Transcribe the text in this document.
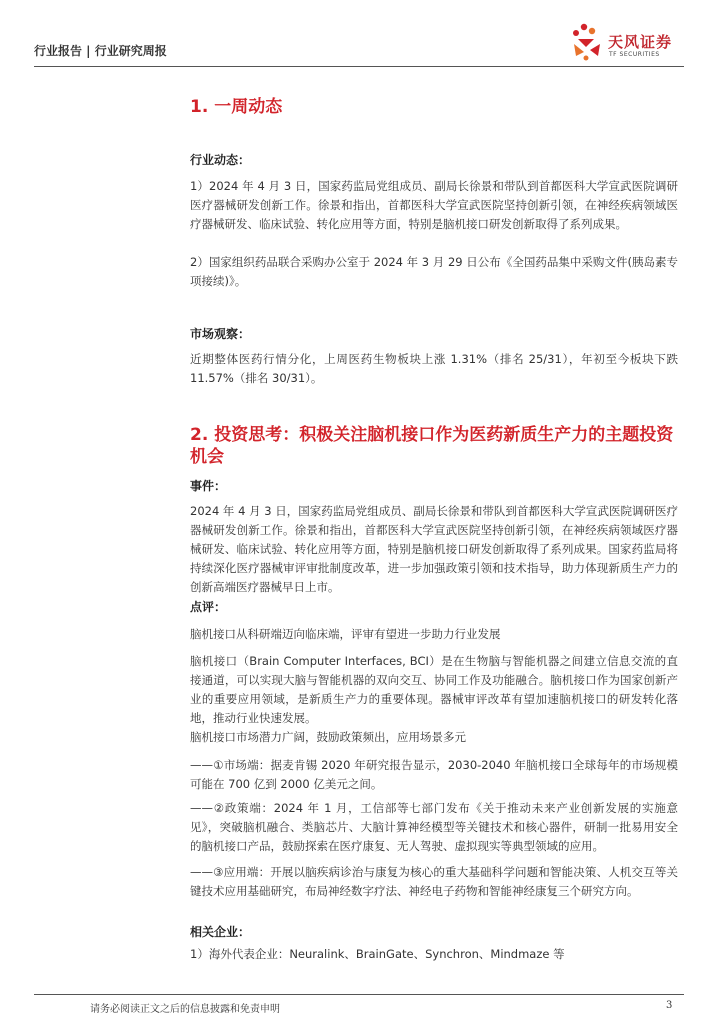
行业报告 | 行业研究周报	天风证券
TF SECURITIES
1. 一周动态
行业动态：
1）2024 年 4 月 3 日，国家药监局党组成员、副局长徐景和带队到首都医科大学宣武医院调研医疗器械研发创新工作。徐景和指出，首都医科大学宣武医院坚持创新引领，在神经疾病领域医疗器械研发、临床试验、转化应用等方面，特别是脑机接口研发创新取得了系列成果。
2）国家组织药品联合采购办公室于 2024 年 3 月 29 日公布《全国药品集中采购文件(胰岛素专项接续)》。
市场观察：
近期整体医药行情分化，上周医药生物板块上涨 1.31%（排名 25/31），年初至今板块下跌 11.57%（排名 30/31）。
2. 投资思考：积极关注脑机接口作为医药新质生产力的主题投资机会
事件：
2024 年 4 月 3 日，国家药监局党组成员、副局长徐景和带队到首都医科大学宣武医院调研医疗器械研发创新工作。徐景和指出，首都医科大学宣武医院坚持创新引领，在神经疾病领域医疗器械研发、临床试验、转化应用等方面，特别是脑机接口研发创新取得了系列成果。国家药监局将持续深化医疗器械审评审批制度改革，进一步加强政策引领和技术指导，助力体现新质生产力的创新高端医疗器械早日上市。
点评：
脑机接口从科研端迈向临床端，评审有望进一步助力行业发展
脑机接口（Brain Computer Interfaces, BCI）是在生物脑与智能机器之间建立信息交流的直接通道，可以实现大脑与智能机器的双向交互、协同工作及功能融合。脑机接口作为国家创新产业的重要应用领域，是新质生产力的重要体现。器械审评改革有望加速脑机接口的研发转化落地，推动行业快速发展。
脑机接口市场潜力广阔，鼓励政策频出，应用场景多元
——①市场端：据麦肯锡 2020 年研究报告显示，2030-2040 年脑机接口全球每年的市场规模可能在 700 亿到 2000 亿美元之间。
——②政策端：2024 年 1 月，工信部等七部门发布《关于推动未来产业创新发展的实施意见》，突破脑机融合、类脑芯片、大脑计算神经模型等关键技术和核心器件，研制一批易用安全的脑机接口产品，鼓励探索在医疗康复、无人驾驶、虚拟现实等典型领域的应用。
——③应用端：开展以脑疾病诊治与康复为核心的重大基础科学问题和智能决策、人机交互等关键技术应用基础研究，布局神经数字疗法、神经电子药物和智能神经康复三个研究方向。
相关企业：
1）海外代表企业：Neuralink、BrainGate、Synchron、Mindmaze 等
请务必阅读正文之后的信息披露和免责申明	3
